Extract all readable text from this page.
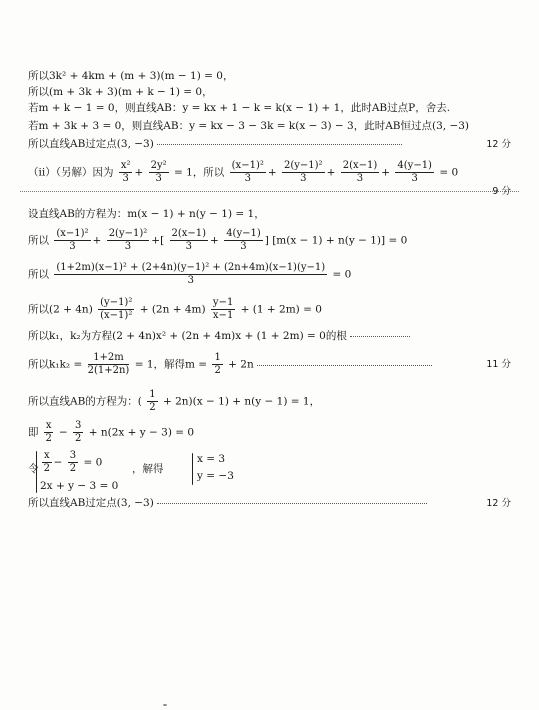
所以3k² + 4km + (m + 3)(m − 1) = 0，
所以(m + 3k + 3)(m + k − 1) = 0，
若m + k − 1 = 0，则直线AB：y = kx + 1 − k = k(x − 1) + 1，此时AB过点P，舍去.
若m + 3k + 3 = 0，则直线AB：y = kx − 3 − 3k = k(x − 3) − 3，此时AB恒过点(3, −3)
所以直线AB过定点(3, −3)	12 分
（ii）（另解）因为 $\frac{\text{x²}}{3} + \frac{\text{2y²}}{3} = 1$，所以 $\frac{\text{(x−1)²}}{3} + \frac{\text{2(y−1)²}}{3} + \frac{2(x-1)}{3} + \frac{4(y-1)}{3} = 0$
9 分
设直线AB的方程为：m(x − 1) + n(y − 1) = 1，
所以 $\frac{\text{(x−1)²}}{3} + \frac{\text{2(y−1)²}}{3}$ +[ $\frac{2(x-1)}{3} + \frac{4(y-1)}{3}$ ] [m(x − 1) + n(y − 1)] = 0
所以 $\frac{\text{(1+2m)(x−1)² + (2+4n)(y−1)² + (2n+4m)(x−1)(y−1)}}{3} = 0$
所以$(2 + 4n) \frac{\text{(y−1)²}}{\text{(x−1)²}} + (2n + 4m) \frac{y-1}{x-1} + (1 + 2m) = 0$
所以k₁，k₂为方程(2 + 4n)x² + (2n + 4m)x + (1 + 2m) = 0的根
所以$k_1k_2 = \frac{1+2m}{2(1+2n)} = 1$，解得$m = \frac{1}{2} + 2n$	11 分
所以直线AB的方程为：( $\frac{1}{2} + 2n)(x - 1) + n(y - 1) = 1$，
即 $\frac{x}{2} - \frac{3}{2} + n(2x + y - 3) = 0$
令 $\frac{x}{2} - \frac{3}{2} = 0$
2x + y − 3 = 0
，解得
x = 3
y = −3
所以直线AB过定点(3, −3)	12 分
